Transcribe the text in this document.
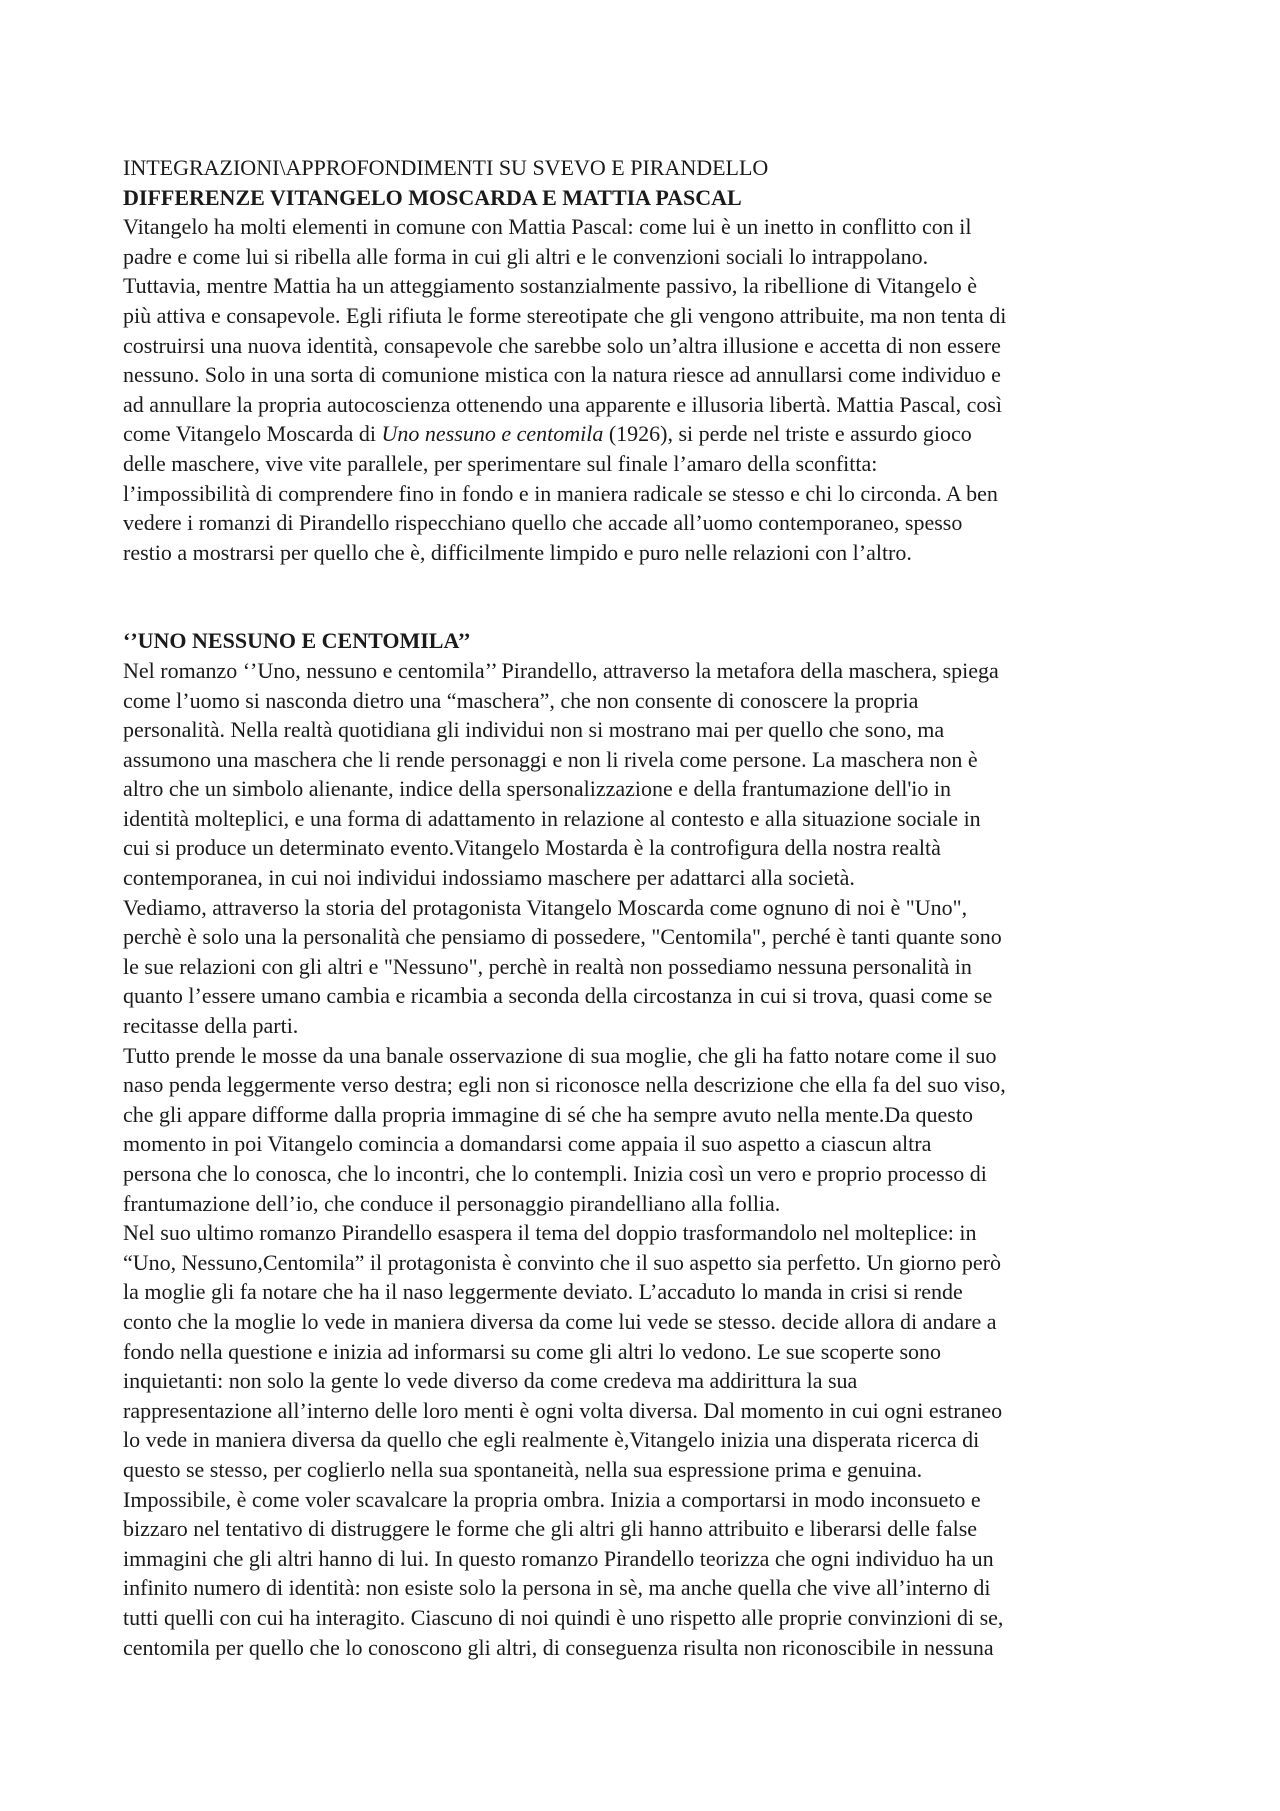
INTEGRAZIONI\APPROFONDIMENTI SU SVEVO E PIRANDELLO
DIFFERENZE VITANGELO MOSCARDA E MATTIA PASCAL
Vitangelo ha molti elementi in comune con Mattia Pascal: come lui è un inetto in conflitto con il
padre e come lui si ribella alle forma in cui gli altri e le convenzioni sociali lo intrappolano.
Tuttavia, mentre Mattia ha un atteggiamento sostanzialmente passivo, la ribellione di Vitangelo è
più attiva e consapevole. Egli rifiuta le forme stereotipate che gli vengono attribuite, ma non tenta di
costruirsi una nuova identità, consapevole che sarebbe solo un’altra illusione e accetta di non essere
nessuno. Solo in una sorta di comunione mistica con la natura riesce ad annullarsi come individuo e
ad annullare la propria autocoscienza ottenendo una apparente e illusoria libertà. Mattia Pascal, così
come Vitangelo Moscarda di Uno nessuno e centomila (1926), si perde nel triste e assurdo gioco
delle maschere, vive vite parallele, per sperimentare sul finale l’amaro della sconfitta:
l’impossibilità di comprendere fino in fondo e in maniera radicale se stesso e chi lo circonda. A ben
vedere i romanzi di Pirandello rispecchiano quello che accade all’uomo contemporaneo, spesso
restio a mostrarsi per quello che è, difficilmente limpido e puro nelle relazioni con l’altro.
‘’UNO NESSUNO E CENTOMILA’’
Nel romanzo ‘’Uno, nessuno e centomila’’ Pirandello, attraverso la metafora della maschera, spiega
come l’uomo si nasconda dietro una “maschera”, che non consente di conoscere la propria
personalità. Nella realtà quotidiana gli individui non si mostrano mai per quello che sono, ma
assumono una maschera che li rende personaggi e non li rivela come persone. La maschera non è
altro che un simbolo alienante, indice della spersonalizzazione e della frantumazione dell'io in
identità molteplici, e una forma di adattamento in relazione al contesto e alla situazione sociale in
cui si produce un determinato evento.Vitangelo Mostarda è la controfigura della nostra realtà
contemporanea, in cui noi individui indossiamo maschere per adattarci alla società.
Vediamo, attraverso la storia del protagonista Vitangelo Moscarda come ognuno di noi è "Uno",
perchè è solo una la personalità che pensiamo di possedere, "Centomila", perché è tanti quante sono
le sue relazioni con gli altri e "Nessuno", perchè in realtà non possediamo nessuna personalità in
quanto l’essere umano cambia e ricambia a seconda della circostanza in cui si trova, quasi come se
recitasse della parti.
Tutto prende le mosse da una banale osservazione di sua moglie, che gli ha fatto notare come il suo
naso penda leggermente verso destra; egli non si riconosce nella descrizione che ella fa del suo viso,
che gli appare difforme dalla propria immagine di sé che ha sempre avuto nella mente.Da questo
momento in poi Vitangelo comincia a domandarsi come appaia il suo aspetto a ciascun altra
persona che lo conosca, che lo incontri, che lo contempli. Inizia così un vero e proprio processo di
frantumazione dell’io, che conduce il personaggio pirandelliano alla follia.
Nel suo ultimo romanzo Pirandello esaspera il tema del doppio trasformandolo nel molteplice: in
“Uno, Nessuno,Centomila” il protagonista è convinto che il suo aspetto sia perfetto. Un giorno però
la moglie gli fa notare che ha il naso leggermente deviato. L’accaduto lo manda in crisi si rende
conto che la moglie lo vede in maniera diversa da come lui vede se stesso. decide allora di andare a
fondo nella questione e inizia ad informarsi su come gli altri lo vedono. Le sue scoperte sono
inquietanti: non solo la gente lo vede diverso da come credeva ma addirittura la sua
rappresentazione all’interno delle loro menti è ogni volta diversa. Dal momento in cui ogni estraneo
lo vede in maniera diversa da quello che egli realmente è,Vitangelo inizia una disperata ricerca di
questo se stesso, per coglierlo nella sua spontaneità, nella sua espressione prima e genuina.
Impossibile, è come voler scavalcare la propria ombra. Inizia a comportarsi in modo inconsueto e
bizzaro nel tentativo di distruggere le forme che gli altri gli hanno attribuito e liberarsi delle false
immagini che gli altri hanno di lui. In questo romanzo Pirandello teorizza che ogni individuo ha un
infinito numero di identità: non esiste solo la persona in sè, ma anche quella che vive all’interno di
tutti quelli con cui ha interagito. Ciascuno di noi quindi è uno rispetto alle proprie convinzioni di se,
centomila per quello che lo conoscono gli altri, di conseguenza risulta non riconoscibile in nessuna
